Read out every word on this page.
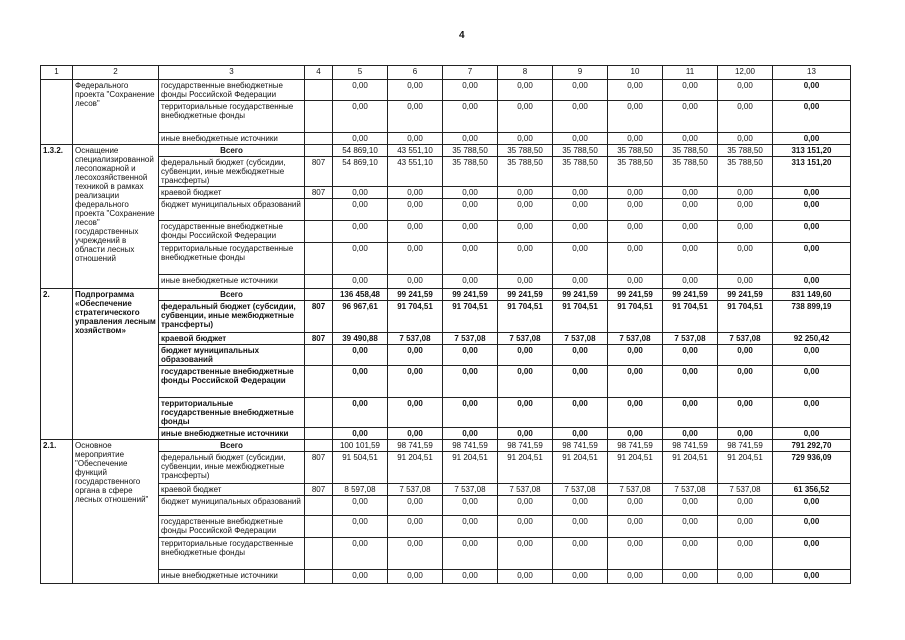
4
1	2	3	4	5	6	7	8	9	10	11	12,00	13
	Федерального проекта "Сохранение лесов"	государственные внебюджетные фонды Российской Федерации		0,00	0,00	0,00	0,00	0,00	0,00	0,00	0,00	0,00
		территориальные государственные внебюджетные фонды		0,00	0,00	0,00	0,00	0,00	0,00	0,00	0,00	0,00
		иные внебюджетные источники		0,00	0,00	0,00	0,00	0,00	0,00	0,00	0,00	0,00
1.3.2.	Оснащение специализированной лесопожарной и лесохозяйственной техникой в рамках реализации федерального проекта "Сохранение лесов" государственных учреждений в области лесных отношений	Всего		54 869,10	43 551,10	35 788,50	35 788,50	35 788,50	35 788,50	35 788,50	35 788,50	313 151,20
		федеральный бюджет (субсидии, субвенции, иные межбюджетные трансферты)	807	54 869,10	43 551,10	35 788,50	35 788,50	35 788,50	35 788,50	35 788,50	35 788,50	313 151,20
		краевой бюджет	807	0,00	0,00	0,00	0,00	0,00	0,00	0,00	0,00	0,00
		бюджет муниципальных образований		0,00	0,00	0,00	0,00	0,00	0,00	0,00	0,00	0,00
		государственные внебюджетные фонды Российской Федерации		0,00	0,00	0,00	0,00	0,00	0,00	0,00	0,00	0,00
		территориальные государственные внебюджетные фонды		0,00	0,00	0,00	0,00	0,00	0,00	0,00	0,00	0,00
		иные внебюджетные источники		0,00	0,00	0,00	0,00	0,00	0,00	0,00	0,00	0,00
2.	Подпрограмма «Обеспечение стратегического управления лесным хозяйством»	Всего		136 458,48	99 241,59	99 241,59	99 241,59	99 241,59	99 241,59	99 241,59	99 241,59	831 149,60
		федеральный бюджет (субсидии, субвенции, иные межбюджетные трансферты)	807	96 967,61	91 704,51	91 704,51	91 704,51	91 704,51	91 704,51	91 704,51	91 704,51	738 899,19
		краевой бюджет	807	39 490,88	7 537,08	7 537,08	7 537,08	7 537,08	7 537,08	7 537,08	7 537,08	92 250,42
		бюджет муниципальных образований		0,00	0,00	0,00	0,00	0,00	0,00	0,00	0,00	0,00
		государственные внебюджетные фонды Российской Федерации		0,00	0,00	0,00	0,00	0,00	0,00	0,00	0,00	0,00
		территориальные государственные внебюджетные фонды		0,00	0,00	0,00	0,00	0,00	0,00	0,00	0,00	0,00
		иные внебюджетные источники		0,00	0,00	0,00	0,00	0,00	0,00	0,00	0,00	0,00
2.1.	Основное мероприятие "Обеспечение функций государственного органа в сфере лесных отношений"	Всего		100 101,59	98 741,59	98 741,59	98 741,59	98 741,59	98 741,59	98 741,59	98 741,59	791 292,70
		федеральный бюджет (субсидии, субвенции, иные межбюджетные трансферты)	807	91 504,51	91 204,51	91 204,51	91 204,51	91 204,51	91 204,51	91 204,51	91 204,51	729 936,09
		краевой бюджет	807	8 597,08	7 537,08	7 537,08	7 537,08	7 537,08	7 537,08	7 537,08	7 537,08	61 356,52
		бюджет муниципальных образований		0,00	0,00	0,00	0,00	0,00	0,00	0,00	0,00	0,00
		государственные внебюджетные фонды Российской Федерации		0,00	0,00	0,00	0,00	0,00	0,00	0,00	0,00	0,00
		территориальные государственные внебюджетные фонды		0,00	0,00	0,00	0,00	0,00	0,00	0,00	0,00	0,00
		иные внебюджетные источники		0,00	0,00	0,00	0,00	0,00	0,00	0,00	0,00	0,00
